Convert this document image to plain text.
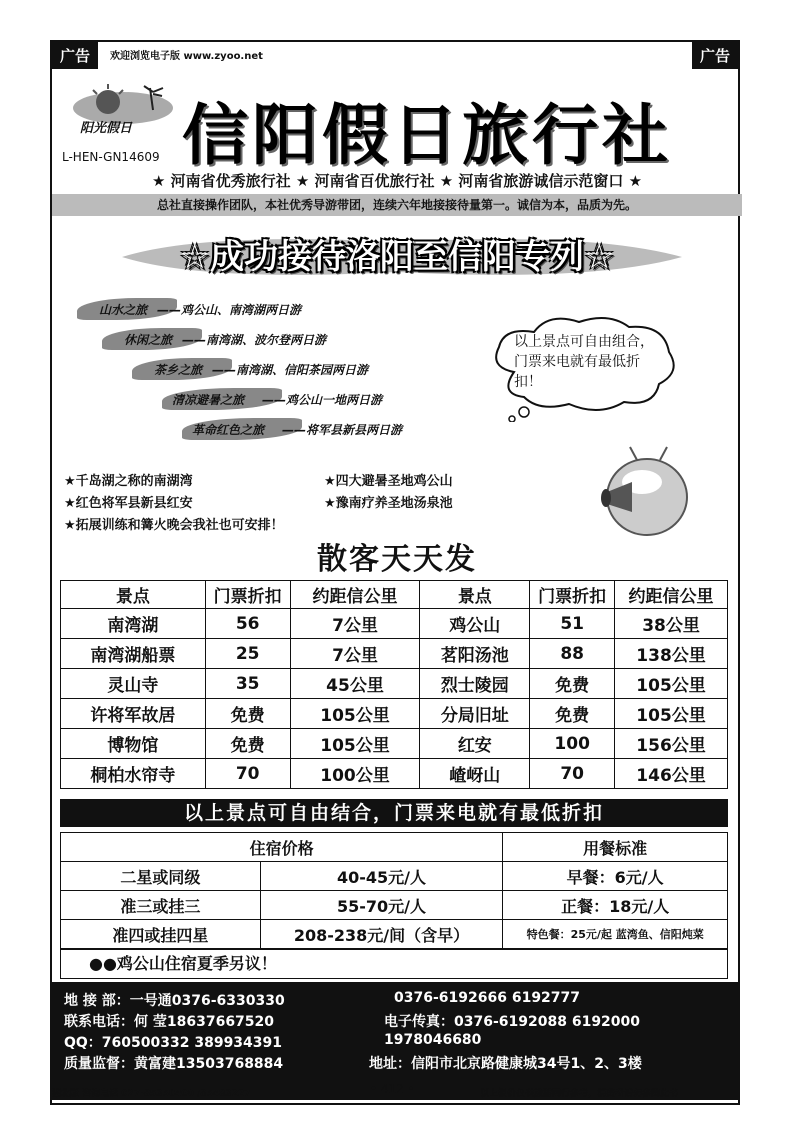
广告	欢迎浏览电子版 www.zyoo.net	广告
阳光假日
L-HEN-GN14609 信阳假日旅行社
★ 河南省优秀旅行社 ★ 河南省百优旅行社 ★ 河南省旅游诚信示范窗口 ★
总社直接操作团队，本社优秀导游带团，连续六年地接接待量第一。诚信为本，品质为先。
☆成功接待洛阳至信阳专列☆
山水之旅 ——鸡公山、南湾湖两日游
休闲之旅 ——南湾湖、波尔登两日游
茶乡之旅 ——南湾湖、信阳茶园两日游
清凉避暑之旅 ——鸡公山一地两日游
革命红色之旅 ——将军县新县两日游
以上景点可自由组合，门票来电就有最低折扣！
★千岛湖之称的南湖湾	★四大避暑圣地鸡公山
★红色将军县新县红安	★豫南疗养圣地汤泉池
★拓展训练和篝火晚会我社也可安排！
散客天天发
景点	门票折扣	约距信公里	景点	门票折扣	约距信公里
南湾湖	56	7公里	鸡公山	51	38公里
南湾湖船票	25	7公里	茗阳汤池	88	138公里
灵山寺	35	45公里	烈士陵园	免费	105公里
许将军故居	免费	105公里	分局旧址	免费	105公里
博物馆	免费	105公里	红安	100	156公里
桐柏水帘寺	70	100公里	嵖岈山	70	146公里
以上景点可自由结合，门票来电就有最低折扣
住宿价格		用餐标准
二星或同级	40-45元/人	早餐：6元/人
准三或挂三	55-70元/人	正餐：18元/人
准四或挂四星	208-238元/间（含早）	特色餐：25元/起 蓝湾鱼、信阳炖菜
●●鸡公山住宿夏季另议！
地 接 部：一号通0376-6330330	0376-6192666 6192777
联系电话：何 莹18637667520	电子传真：0376-6192088 6192000
QQ：760500332 389934391	1978046680
质量监督：黄富建13503768884	地址：信阳市北京路健康城34号1、2、3楼
湖北版 咨询电话 027-85350400 /85483227	• 412 •	以上报价仅供旅游同行参考，消费者请勿参阅此书
